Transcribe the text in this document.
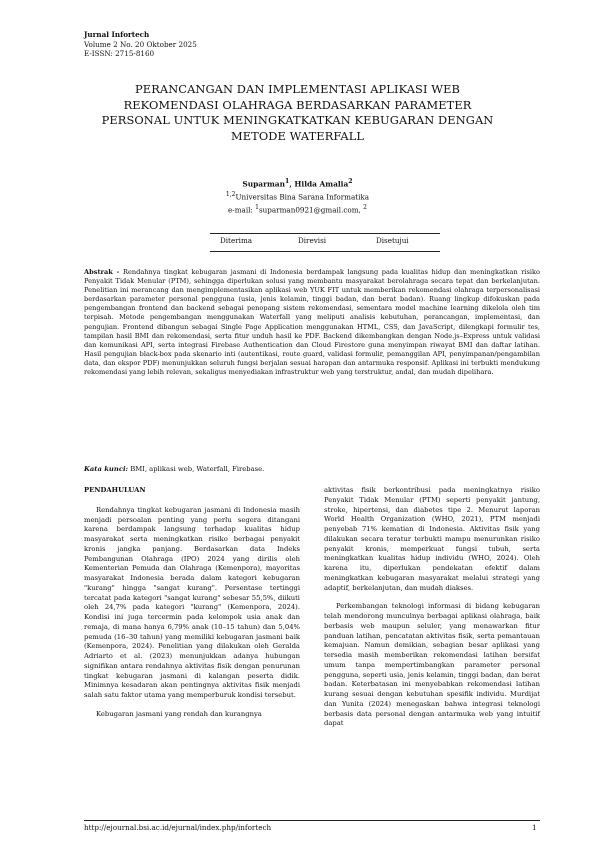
Jurnal Infortech
Volume 2 No. 20 Oktober 2025
E-ISSN: 2715-8160
PERANCANGAN DAN IMPLEMENTASI APLIKASI WEB
REKOMENDASI OLAHRAGA BERDASARKAN PARAMETER
PERSONAL UNTUK MENINGKATKATKAN KEBUGARAN DENGAN
METODE WATERFALL
Suparman$^1$, Hilda Amalia$^2$
$^{1,2}$Universitas Bina Sarana Informatika
e-mail: $^1$suparman0921@gmail.com, $^2$
Diterima	Direvisi	Disetujui
Abstrak - Rendahnya tingkat kebugaran jasmani di Indonesia berdampak langsung pada kualitas hidup dan meningkatkan risiko Penyakit Tidak Menular (PTM), sehingga diperlukan solusi yang membantu masyarakat berolahraga secara tepat dan berkelanjutan. Penelitian ini merancang dan mengimplementasikan aplikasi web YUK FIT untuk memberikan rekomendasi olahraga terpersonalisasi berdasarkan parameter personal pengguna (usia, jenis kelamin, tinggi badan, dan berat badan). Ruang lingkup difokuskan pada pengembangan frontend dan backend sebagai penopang sistem rekomendasi, sementara model machine learning dikelola oleh tim terpisah. Metode pengembangan menggunakan Waterfall yang meliputi analisis kebutuhan, perancangan, implementasi, dan pengujian. Frontend dibangun sebagai Single Page Application menggunakan HTML, CSS, dan JavaScript, dilengkapi formulir tes, tampilan hasil BMI dan rekomendasi, serta fitur unduh hasil ke PDF. Backend dikembangkan dengan Node.js–Express untuk validasi dan komunikasi API, serta integrasi Firebase Authentication dan Cloud Firestore guna menyimpan riwayat BMI dan daftar latihan. Hasil pengujian black-box pada skenario inti (autentikasi, route guard, validasi formulir, pemanggilan API, penyimpanan/pengambilan data, dan ekspor PDF) menunjukkan seluruh fungsi berjalan sesuai harapan dan antarmuka responsif. Aplikasi ini terbukti mendukung rekomendasi yang lebih relevan, sekaligus menyediakan infrastruktur web yang terstruktur, andal, dan mudah dipelihara.
Kata kunci: BMI, aplikasi web, Waterfall, Firebase.
PENDAHULUAN

Rendahnya tingkat kebugaran jasmani di Indonesia masih menjadi persoalan penting yang perlu segera ditangani karena berdampak langsung terhadap kualitas hidup masyarakat serta meningkatkan risiko berbagai penyakit kronis jangka panjang. Berdasarkan data Indeks Pembangunan Olahraga (IPO) 2024 yang dirilis oleh Kementerian Pemuda dan Olahraga (Kemenpora), mayoritas masyarakat Indonesia berada dalam kategori kebugaran "kurang" hingga "sangat kurang". Persentase tertinggi tercatat pada kategori "sangat kurang" sebesar 55,5%, diikuti oleh 24,7% pada kategori "kurang" (Kemenpora, 2024). Kondisi ini juga tercermin pada kelompok usia anak dan remaja, di mana hanya 6,79% anak (10–15 tahun) dan 5,04% pemuda (16–30 tahun) yang memiliki kebugaran jasmani baik (Kemenpora, 2024). Penelitian yang dilakukan oleh Geralda Adriarto et al. (2023) menunjukkan adanya hubungan signifikan antara rendahnya aktivitas fisik dengan penurunan tingkat kebugaran jasmani di kalangan peserta didik. Minimnya kesadaran akan pentingnya aktivitas fisik menjadi salah satu faktor utama yang memperburuk kondisi tersebut.

Kebugaran jasmani yang rendah dan kurangnya

aktivitas fisik berkontribusi pada meningkatnya risiko Penyakit Tidak Menular (PTM) seperti penyakit jantung, stroke, hipertensi, dan diabetes tipe 2. Menurut laporan World Health Organization (WHO, 2021), PTM menjadi penyebab 71% kematian di Indonesia. Aktivitas fisik yang dilakukan secara teratur terbukti mampu menurunkan risiko penyakit kronis, memperkuat fungsi tubuh, serta meningkatkan kualitas hidup individu (WHO, 2024). Oleh karena itu, diperlukan pendekatan efektif dalam meningkatkan kebugaran masyarakat melalui strategi yang adaptif, berkelanjutan, dan mudah diakses.

Perkembangan teknologi informasi di bidang kebugaran telah mendorong munculnya berbagai aplikasi olahraga, baik berbasis web maupun seluler, yang menawarkan fitur panduan latihan, pencatatan aktivitas fisik, serta pemantauan kemajuan. Namun demikian, sebagian besar aplikasi yang tersedia masih memberikan rekomendasi latihan bersifat umum tanpa mempertimbangkan parameter personal pengguna, seperti usia, jenis kelamin, tinggi badan, dan berat badan. Keterbatasan ini menyebabkan rekomendasi latihan kurang sesuai dengan kebutuhan spesifik individu. Murdijat dan Yunita (2024) menegaskan bahwa integrasi teknologi berbasis data personal dengan antarmuka web yang intuitif dapat

http://ejournal.bsi.ac.id/ejurnal/index.php/infortech	1
